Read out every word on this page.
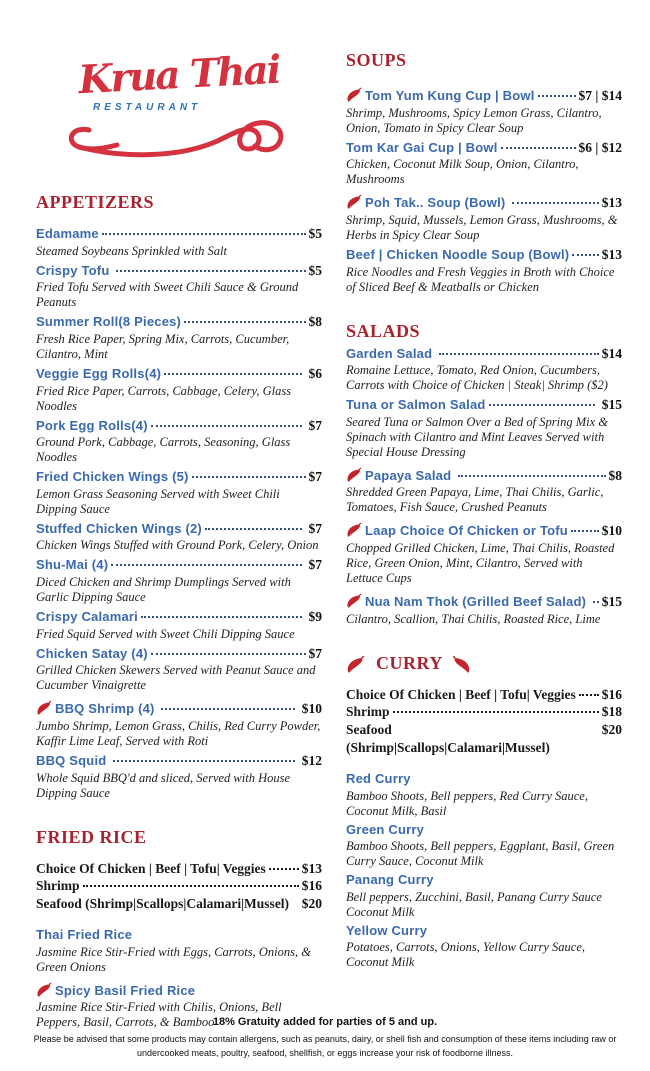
Krua Thai
RESTAURANT
APPETIZERS
Edamame	$5
Steamed Soybeans Sprinkled with Salt
Crispy Tofu	$5
Fried Tofu Served with Sweet Chili Sauce & Ground Peanuts
Summer Roll(8 Pieces)	$8
Fresh Rice Paper, Spring Mix, Carrots, Cucumber, Cilantro, Mint
Veggie Egg Rolls(4)	$6
Fried Rice Paper, Carrots, Cabbage, Celery, Glass Noodles
Pork Egg Rolls(4)	$7
Ground Pork, Cabbage, Carrots, Seasoning, Glass Noodles
Fried Chicken Wings (5)	$7
Lemon Grass Seasoning Served with Sweet Chili Dipping Sauce
Stuffed Chicken Wings (2)	$7
Chicken Wings Stuffed with Ground Pork, Celery, Onion
Shu-Mai (4)	$7
Diced Chicken and Shrimp Dumplings Served with Garlic Dipping Sauce
Crispy Calamari	$9
Fried Squid Served with Sweet Chili Dipping Sauce
Chicken Satay (4)	$7
Grilled Chicken Skewers Served with Peanut Sauce and Cucumber Vinaigrette
BBQ Shrimp (4)	$10
Jumbo Shrimp, Lemon Grass, Chilis, Red Curry Powder, Kaffir Lime Leaf, Served with Roti
BBQ Squid	$12
Whole Squid BBQ'd and sliced, Served with House Dipping Sauce
FRIED RICE
Choice Of Chicken | Beef | Tofu| Veggies	$13
Shrimp	$16
Seafood (Shrimp|Scallops|Calamari|Mussel) $20
Thai Fried Rice
Jasmine Rice Stir-Fried with Eggs, Carrots, Onions, & Green Onions
Spicy Basil Fried Rice
Jasmine Rice Stir-Fried with Chilis, Onions, Bell Peppers, Basil, Carrots, & Bamboo
SOUPS
Tom Yum Kung Cup | Bowl	$7 | $14
Shrimp, Mushrooms, Spicy Lemon Grass, Cilantro, Onion, Tomato in Spicy Clear Soup
Tom Kar Gai Cup | Bowl	$6 | $12
Chicken, Coconut Milk Soup, Onion, Cilantro, Mushrooms
Poh Tak.. Soup (Bowl)	$13
Shrimp, Squid, Mussels, Lemon Grass, Mushrooms, & Herbs in Spicy Clear Soup
Beef | Chicken Noodle Soup (Bowl) $13
Rice Noodles and Fresh Veggies in Broth with Choice of Sliced Beef & Meatballs or Chicken
SALADS
Garden Salad	$14
Romaine Lettuce, Tomato, Red Onion, Cucumbers, Carrots with Choice of Chicken | Steak| Shrimp ($2)
Tuna or Salmon Salad	$15
Seared Tuna or Salmon Over a Bed of Spring Mix & Spinach with Cilantro and Mint Leaves Served with Special House Dressing
Papaya Salad	$8
Shredded Green Papaya, Lime, Thai Chilis, Garlic, Tomatoes, Fish Sauce, Crushed Peanuts
Laap Choice Of Chicken or Tofu	$10
Chopped Grilled Chicken, Lime, Thai Chilis, Roasted Rice, Green Onion, Mint, Cilantro, Served with Lettuce Cups
Nua Nam Thok (Grilled Beef Salad) $15
Cilantro, Scallion, Thai Chilis, Roasted Rice, Lime
CURRY
Choice Of Chicken | Beef | Tofu| Veggies $16
Shrimp	$18
Seafood (Shrimp|Scallops|Calamari|Mussel)
$20
Red Curry
Bamboo Shoots, Bell peppers, Red Curry Sauce, Coconut Milk, Basil
Green Curry
Bamboo Shoots, Bell peppers, Eggplant, Basil, Green Curry Sauce, Coconut Milk
Panang Curry
Bell peppers, Zucchini, Basil, Panang Curry Sauce Coconut Milk
Yellow Curry
Potatoes, Carrots, Onions, Yellow Curry Sauce, Coconut Milk
18% Gratuity added for parties of 5 and up.
Please be advised that some products may contain allergens, such as peanuts, dairy, or shell fish and consumption of these items including raw or undercooked meats, poultry, seafood, shellfish, or eggs increase your risk of foodborne illness.
